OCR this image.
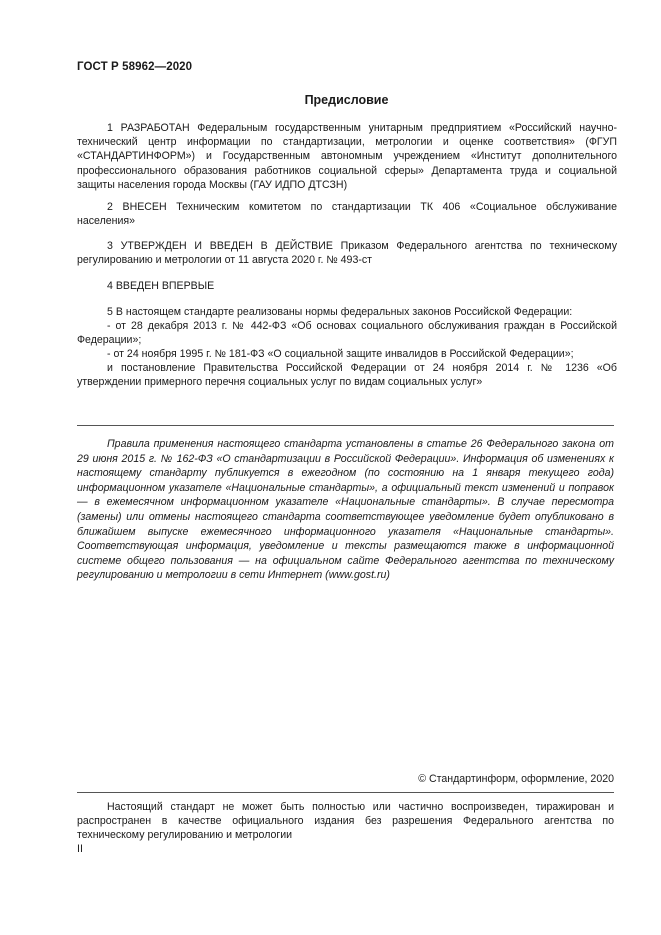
ГОСТ Р 58962—2020
Предисловие

1 РАЗРАБОТАН Федеральным государственным унитарным предприятием «Российский научно-технический центр информации по стандартизации, метрологии и оценке соответствия» (ФГУП «СТАНДАРТИНФОРМ») и Государственным автономным учреждением «Институт дополнительного профессионального образования работников социальной сферы» Департамента труда и социальной защиты населения города Москвы (ГАУ ИДПО ДТСЗН)

2 ВНЕСЕН Техническим комитетом по стандартизации ТК 406 «Социальное обслуживание населения»

3 УТВЕРЖДЕН И ВВЕДЕН В ДЕЙСТВИЕ Приказом Федерального агентства по техническому регулированию и метрологии от 11 августа 2020 г. № 493-ст

4 ВВЕДЕН ВПЕРВЫЕ

5 В настоящем стандарте реализованы нормы федеральных законов Российской Федерации:

- от 28 декабря 2013 г. № 442-ФЗ «Об основах социального обслуживания граждан в Российской Федерации»;

- от 24 ноября 1995 г. № 181-ФЗ «О социальной защите инвалидов в Российской Федерации»;

и постановление Правительства Российской Федерации от 24 ноября 2014 г. № 1236 «Об утверждении примерного перечня социальных услуг по видам социальных услуг»

Правила применения настоящего стандарта установлены в статье 26 Федерального закона от 29 июня 2015 г. № 162-ФЗ «О стандартизации в Российской Федерации». Информация об изменениях к настоящему стандарту публикуется в ежегодном (по состоянию на 1 января текущего года) информационном указателе «Национальные стандарты», а официальный текст изменений и поправок — в ежемесячном информационном указателе «Национальные стандарты». В случае пересмотра (замены) или отмены настоящего стандарта соответствующее уведомление будет опубликовано в ближайшем выпуске ежемесячного информационного указателя «Национальные стандарты». Соответствующая информация, уведомление и тексты размещаются также в информационной системе общего пользования — на официальном сайте Федерального агентства по техническому регулированию и метрологии в сети Интернет (www.gost.ru)

© Стандартинформ, оформление, 2020

Настоящий стандарт не может быть полностью или частично воспроизведен, тиражирован и распространен в качестве официального издания без разрешения Федерального агентства по техническому регулированию и метрологии

II
